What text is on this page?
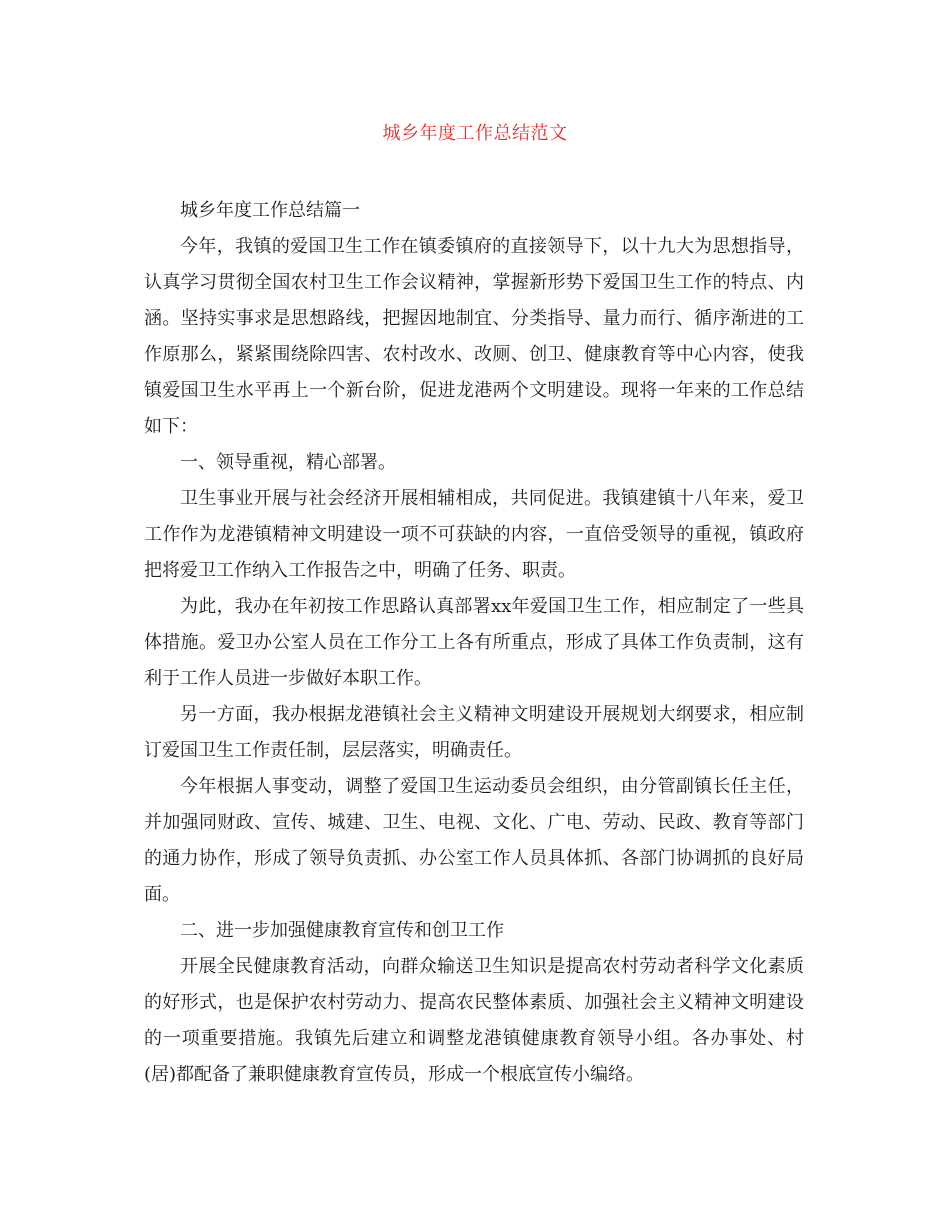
城乡年度工作总结范文

城乡年度工作总结篇一

今年，我镇的爱国卫生工作在镇委镇府的直接领导下，以十九大为思想指导，认真学习贯彻全国农村卫生工作会议精神，掌握新形势下爱国卫生工作的特点、内涵。坚持实事求是思想路线，把握因地制宜、分类指导、量力而行、循序渐进的工作原那么，紧紧围绕除四害、农村改水、改厕、创卫、健康教育等中心内容，使我镇爱国卫生水平再上一个新台阶，促进龙港两个文明建设。现将一年来的工作总结如下：

一、领导重视，精心部署。

卫生事业开展与社会经济开展相辅相成，共同促进。我镇建镇十八年来，爱卫工作作为龙港镇精神文明建设一项不可获缺的内容，一直倍受领导的重视，镇政府把将爱卫工作纳入工作报告之中，明确了任务、职责。

为此，我办在年初按工作思路认真部署xx年爱国卫生工作，相应制定了一些具体措施。爱卫办公室人员在工作分工上各有所重点，形成了具体工作负责制，这有利于工作人员进一步做好本职工作。

另一方面，我办根据龙港镇社会主义精神文明建设开展规划大纲要求，相应制订爱国卫生工作责任制，层层落实，明确责任。

今年根据人事变动，调整了爱国卫生运动委员会组织，由分管副镇长任主任，并加强同财政、宣传、城建、卫生、电视、文化、广电、劳动、民政、教育等部门的通力协作，形成了领导负责抓、办公室工作人员具体抓、各部门协调抓的良好局面。

二、进一步加强健康教育宣传和创卫工作

开展全民健康教育活动，向群众输送卫生知识是提高农村劳动者科学文化素质的好形式，也是保护农村劳动力、提高农民整体素质、加强社会主义精神文明建设的一项重要措施。我镇先后建立和调整龙港镇健康教育领导小组。各办事处、村(居)都配备了兼职健康教育宣传员，形成一个根底宣传小编络。
